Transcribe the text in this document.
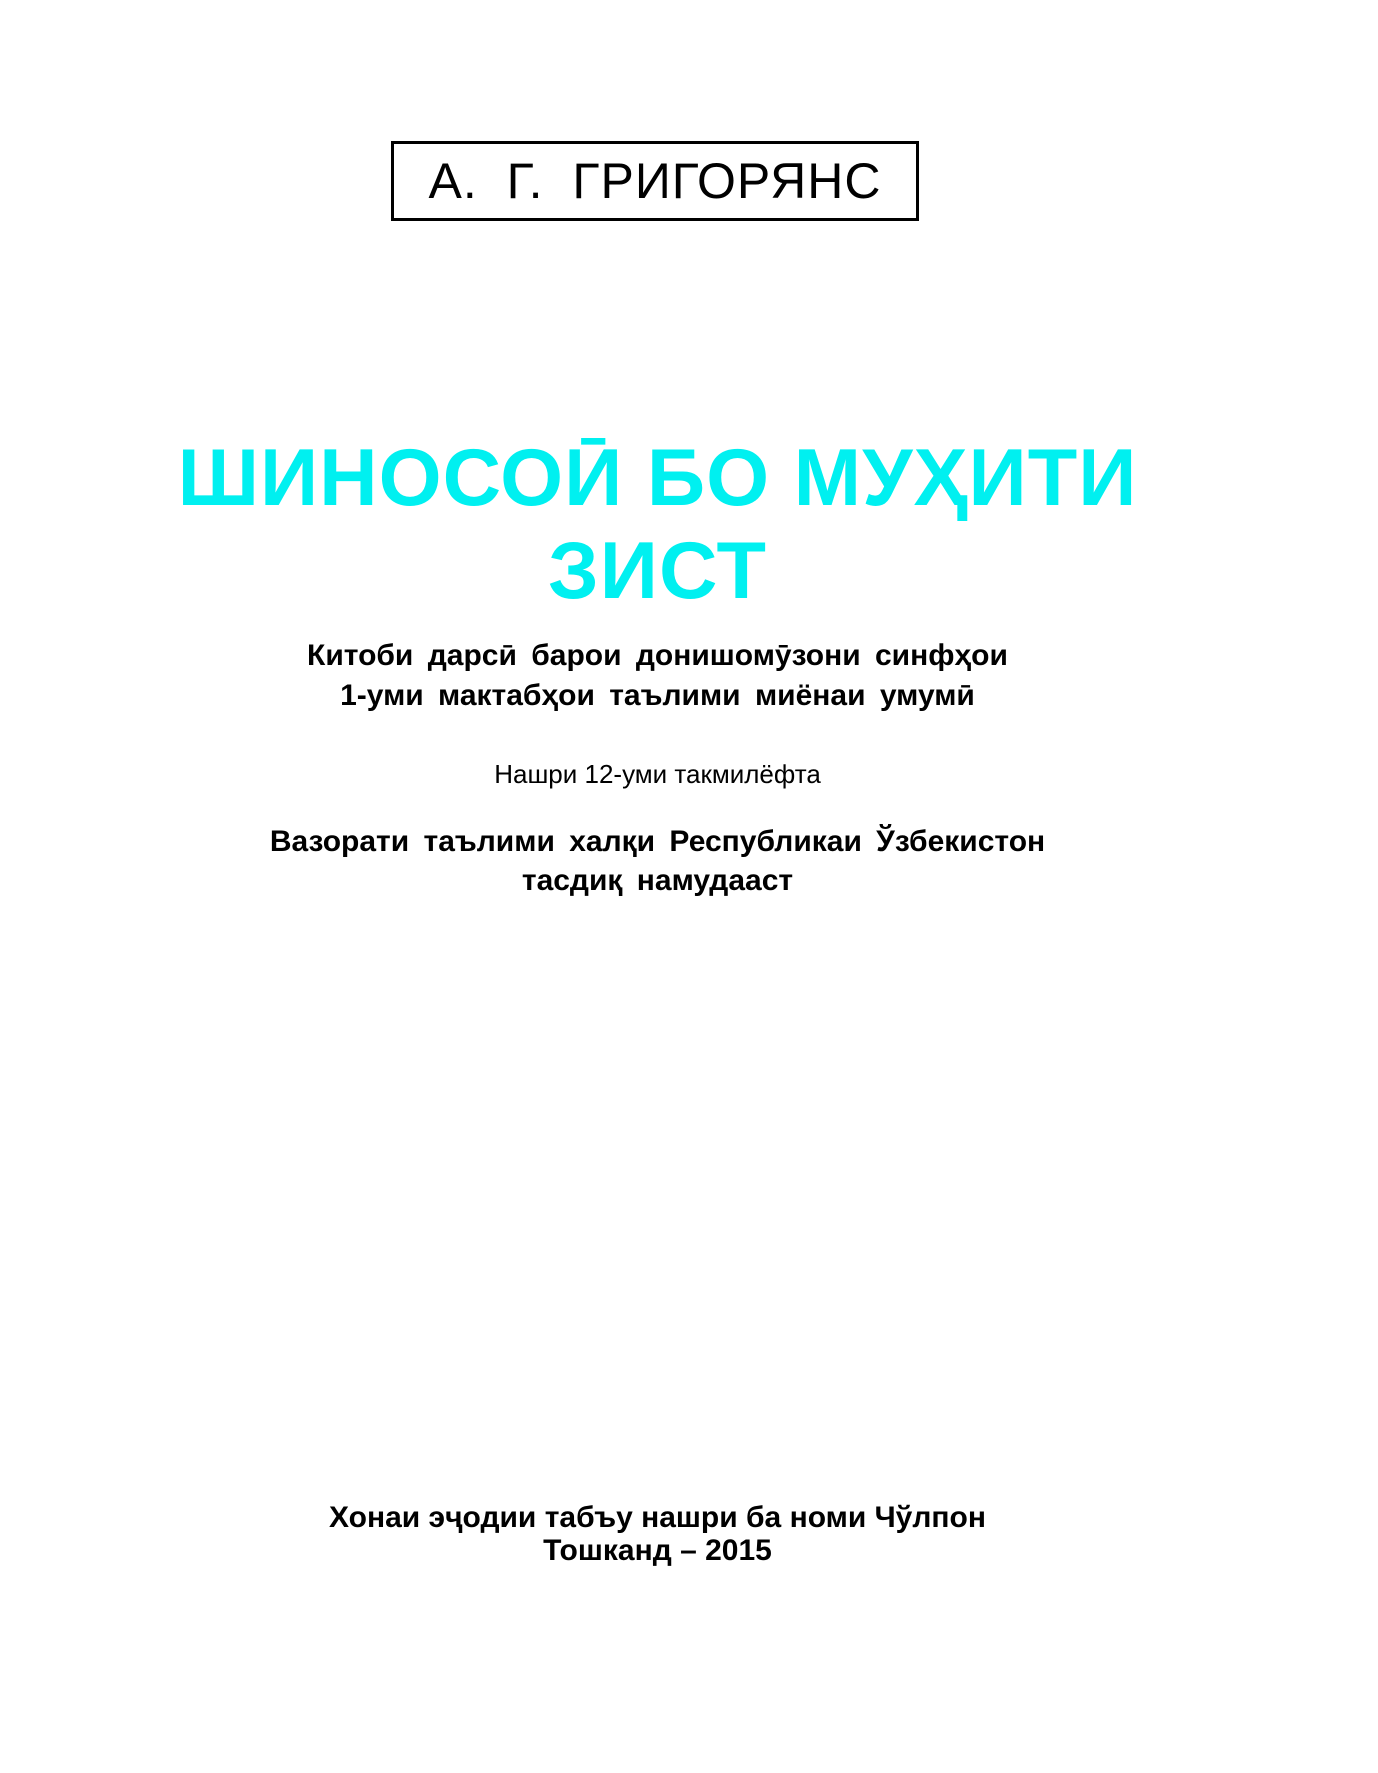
А. Г. ГРИГОРЯНС
ШИНОСОӢ БО МУҲИТИ
ЗИСТ
Китоби дарсӣ барои донишомӯзони синфҳои
1-уми мактабҳои таълими миёнаи умумӣ
Нашри 12-уми такмилёфта
Вазорати таълими халқи Республикаи Ўзбекистон
тасдиқ намудааст
Хонаи эҷодии табъу нашри ба номи Чўлпон
Тошканд – 2015
